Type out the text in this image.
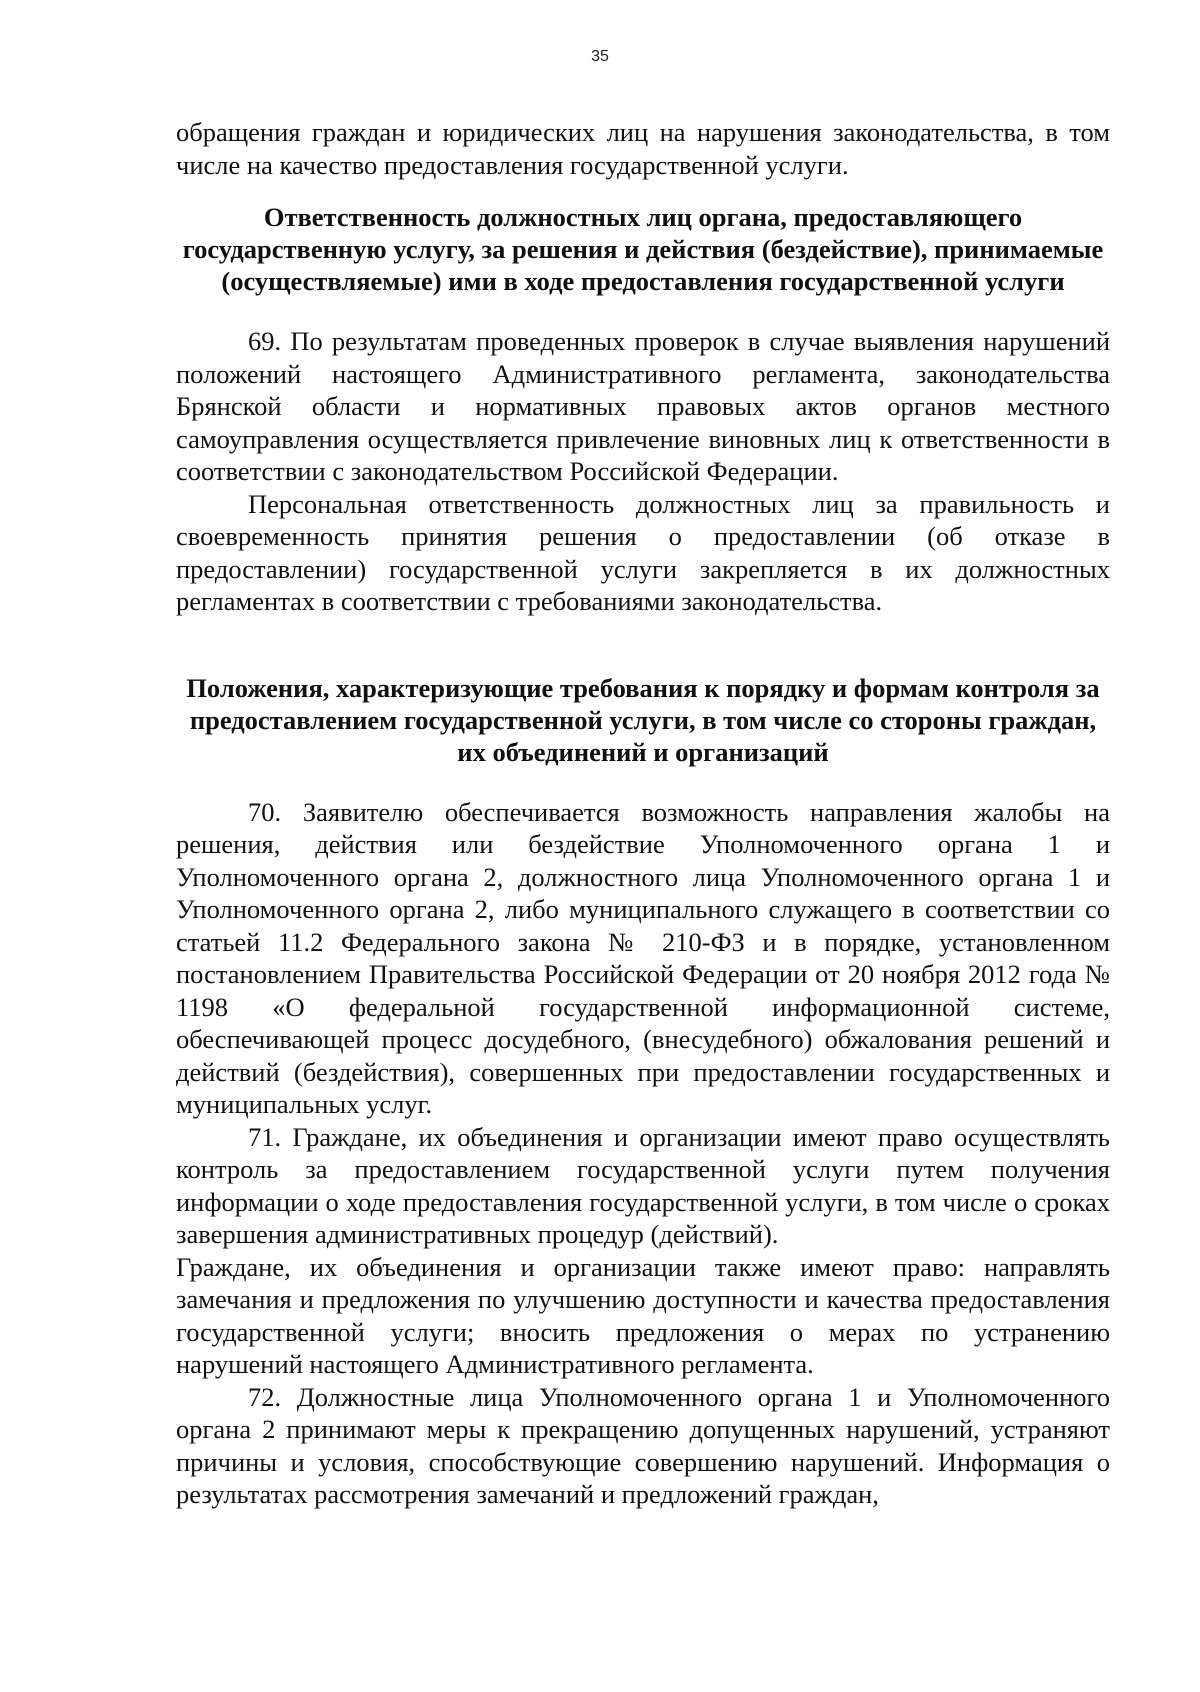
35

обращения граждан и юридических лиц на нарушения законодательства, в том числе на качество предоставления государственной услуги.

Ответственность должностных лиц органа, предоставляющего государственную услугу, за решения и действия (бездействие), принимаемые (осуществляемые) ими в ходе предоставления государственной услуги

69. По результатам проведенных проверок в случае выявления нарушений положений настоящего Административного регламента, законодательства Брянской области и нормативных правовых актов органов местного самоуправления осуществляется привлечение виновных лиц к ответственности в соответствии с законодательством Российской Федерации.

Персональная ответственность должностных лиц за правильность и своевременность принятия решения о предоставлении (об отказе в предоставлении) государственной услуги закрепляется в их должностных регламентах в соответствии с требованиями законодательства.

Положения, характеризующие требования к порядку и формам контроля за предоставлением государственной услуги, в том числе со стороны граждан, их объединений и организаций

70. Заявителю обеспечивается возможность направления жалобы на решения, действия или бездействие Уполномоченного органа 1 и Уполномоченного органа 2, должностного лица Уполномоченного органа 1 и Уполномоченного органа 2, либо муниципального служащего в соответствии со статьей 11.2 Федерального закона № 210-ФЗ и в порядке, установленном постановлением Правительства Российской Федерации от 20 ноября 2012 года № 1198 «О федеральной государственной информационной системе, обеспечивающей процесс досудебного, (внесудебного) обжалования решений и действий (бездействия), совершенных при предоставлении государственных и муниципальных услуг.

71. Граждане, их объединения и организации имеют право осуществлять контроль за предоставлением государственной услуги путем получения информации о ходе предоставления государственной услуги, в том числе о сроках завершения административных процедур (действий).

Граждане, их объединения и организации также имеют право: направлять замечания и предложения по улучшению доступности и качества предоставления государственной услуги; вносить предложения о мерах по устранению нарушений настоящего Административного регламента.

72. Должностные лица Уполномоченного органа 1 и Уполномоченного органа 2 принимают меры к прекращению допущенных нарушений, устраняют причины и условия, способствующие совершению нарушений. Информация о результатах рассмотрения замечаний и предложений граждан,
